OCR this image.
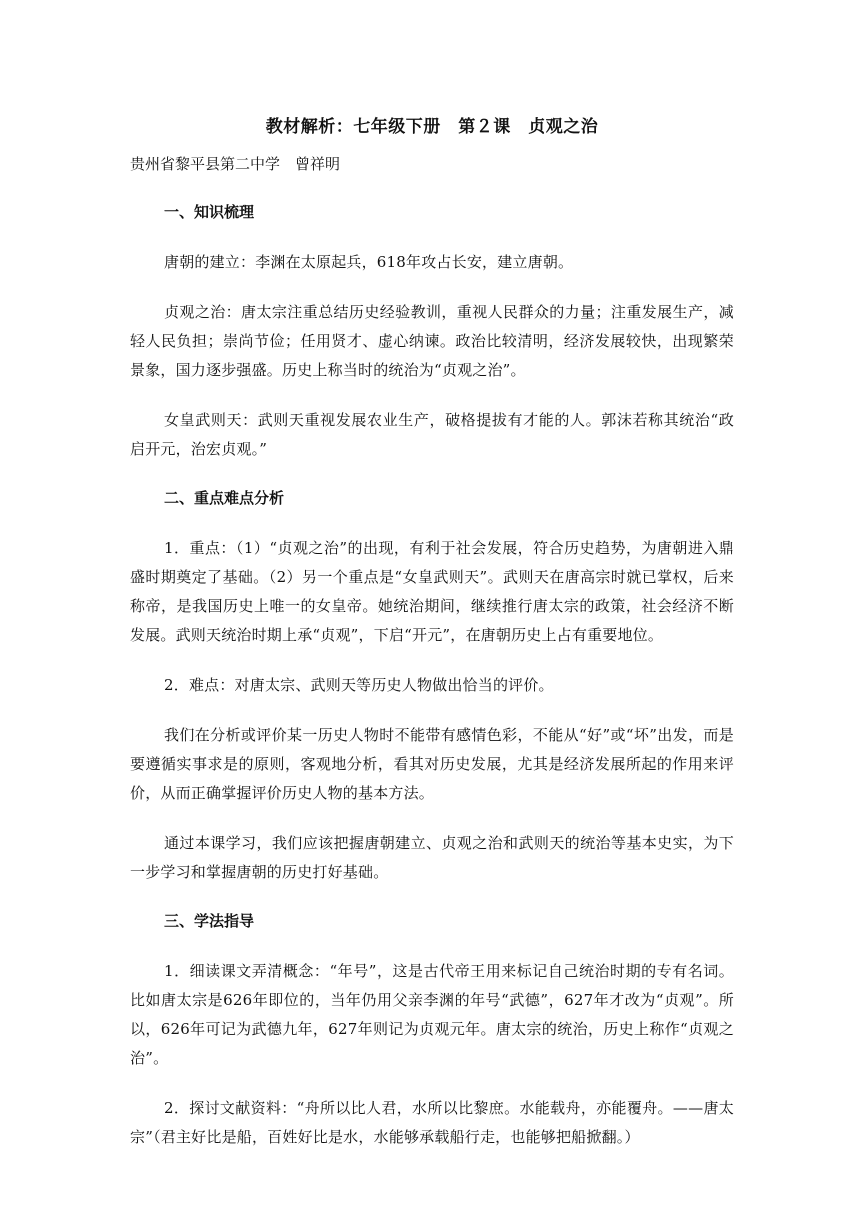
教材解析：七年级下册　第２课　贞观之治
贵州省黎平县第二中学　曾祥明
一、知识梳理

唐朝的建立：李渊在太原起兵，618年攻占长安，建立唐朝。

贞观之治：唐太宗注重总结历史经验教训，重视人民群众的力量；注重发展生产，减轻人民负担；崇尚节俭；任用贤才、虚心纳谏。政治比较清明，经济发展较快，出现繁荣景象，国力逐步强盛。历史上称当时的统治为“贞观之治”。

女皇武则天：武则天重视发展农业生产，破格提拔有才能的人。郭沫若称其统治“政启开元，治宏贞观。”

二、重点难点分析

1．重点：（1）“贞观之治”的出现，有利于社会发展，符合历史趋势，为唐朝进入鼎盛时期奠定了基础。（2）另一个重点是“女皇武则天”。武则天在唐高宗时就已掌权，后来称帝，是我国历史上唯一的女皇帝。她统治期间，继续推行唐太宗的政策，社会经济不断发展。武则天统治时期上承“贞观”，下启“开元”，在唐朝历史上占有重要地位。

2．难点：对唐太宗、武则天等历史人物做出恰当的评价。

我们在分析或评价某一历史人物时不能带有感情色彩，不能从“好”或“坏”出发，而是要遵循实事求是的原则，客观地分析，看其对历史发展，尤其是经济发展所起的作用来评价，从而正确掌握评价历史人物的基本方法。

通过本课学习，我们应该把握唐朝建立、贞观之治和武则天的统治等基本史实，为下一步学习和掌握唐朝的历史打好基础。

三、学法指导

1．细读课文弄清概念：“年号”，这是古代帝王用来标记自己统治时期的专有名词。比如唐太宗是626年即位的，当年仍用父亲李渊的年号“武德”，627年才改为“贞观”。所以，626年可记为武德九年，627年则记为贞观元年。唐太宗的统治，历史上称作“贞观之治”。

2．探讨文献资料：“舟所以比人君，水所以比黎庶。水能载舟，亦能覆舟。——唐太宗”（君主好比是船，百姓好比是水，水能够承载船行走，也能够把船掀翻。）
